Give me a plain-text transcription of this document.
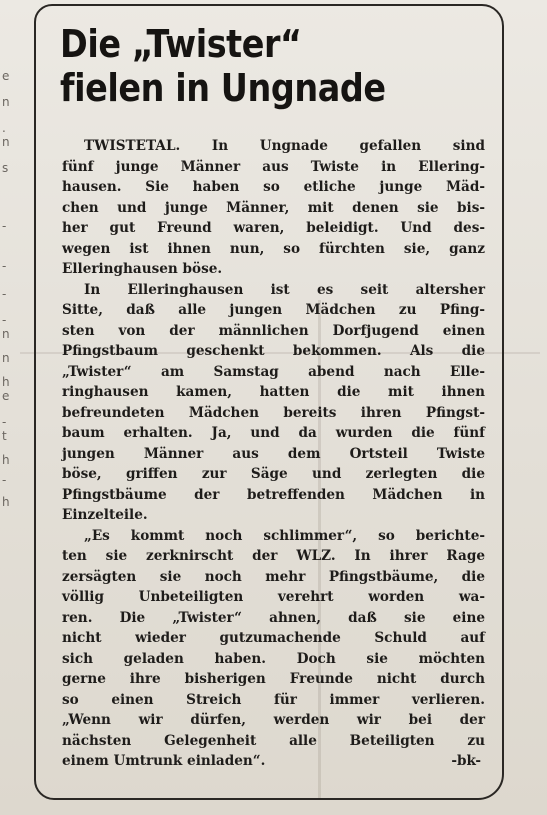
e
n
.
n
s
-
-
-
-
n
n
h
e
-
t
h
-
h
Die „Twister“
fielen in Ungnade
TWISTETAL. In Ungnade gefallen sind
fünf junge Männer aus Twiste in Ellering-
hausen. Sie haben so etliche junge Mäd-
chen und junge Männer, mit denen sie bis-
her gut Freund waren, beleidigt. Und des-
wegen ist ihnen nun, so fürchten sie, ganz
Elleringhausen böse.
In Elleringhausen ist es seit altersher
Sitte, daß alle jungen Mädchen zu Pfing-
sten von der männlichen Dorfjugend einen
Pfingstbaum geschenkt bekommen. Als die
„Twister“ am Samstag abend nach Elle-
ringhausen kamen, hatten die mit ihnen
befreundeten Mädchen bereits ihren Pfingst-
baum erhalten. Ja, und da wurden die fünf
jungen Männer aus dem Ortsteil Twiste
böse, griffen zur Säge und zerlegten die
Pfingstbäume der betreffenden Mädchen in
Einzelteile.
„Es kommt noch schlimmer“, so berichte-
ten sie zerknirscht der WLZ. In ihrer Rage
zersägten sie noch mehr Pfingstbäume, die
völlig Unbeteiligten verehrt worden wa-
ren. Die „Twister“ ahnen, daß sie eine
nicht wieder gutzumachende Schuld auf
sich geladen haben. Doch sie möchten
gerne ihre bisherigen Freunde nicht durch
so einen Streich für immer verlieren.
„Wenn wir dürfen, werden wir bei der
nächsten Gelegenheit alle Beteiligten zu
einem Umtrunk einladen“.	-bk-
